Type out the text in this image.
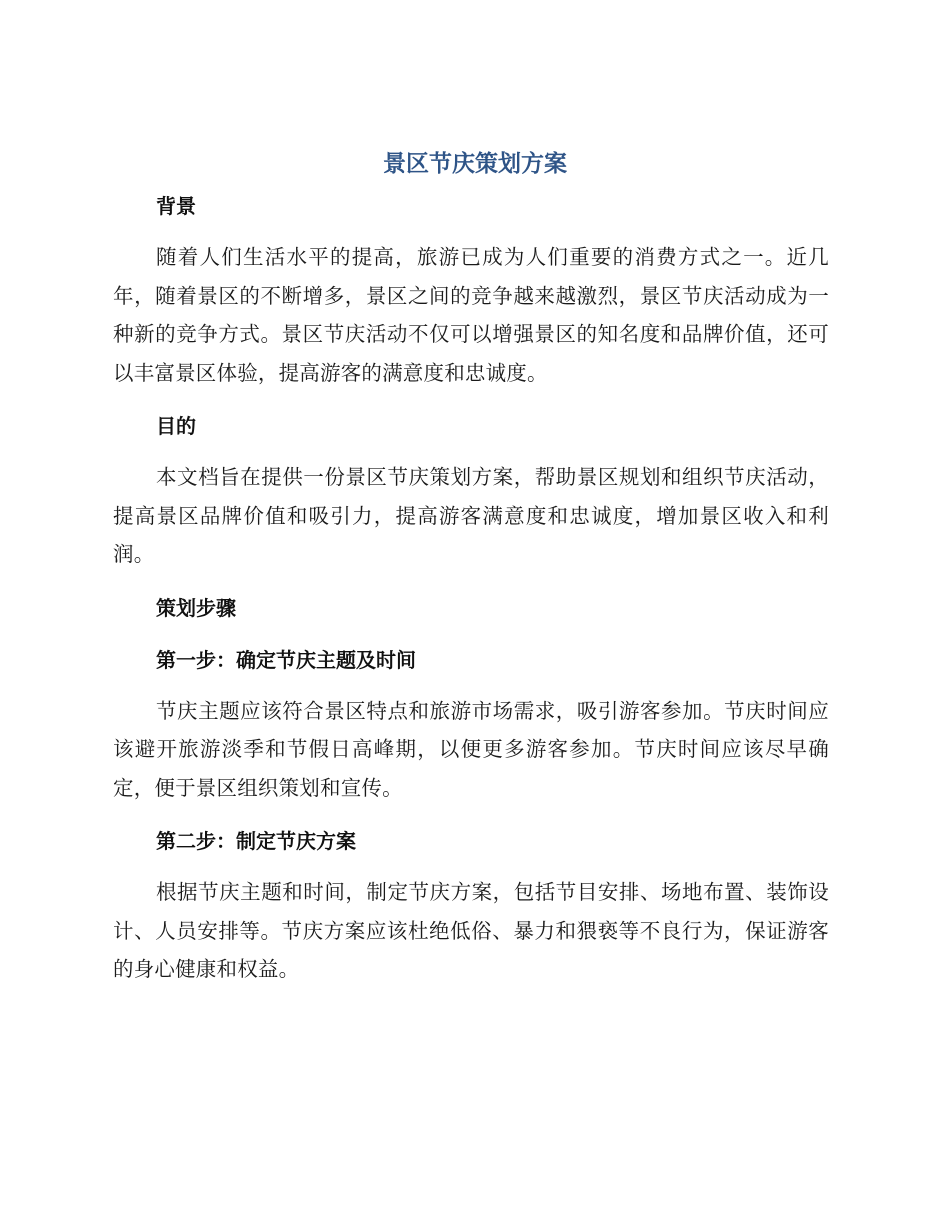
景区节庆策划方案
背景

随着人们生活水平的提高，旅游已成为人们重要的消费方式之一。近几年，随着景区的不断增多，景区之间的竞争越来越激烈，景区节庆活动成为一种新的竞争方式。景区节庆活动不仅可以增强景区的知名度和品牌价值，还可以丰富景区体验，提高游客的满意度和忠诚度。

目的

本文档旨在提供一份景区节庆策划方案，帮助景区规划和组织节庆活动，提高景区品牌价值和吸引力，提高游客满意度和忠诚度，增加景区收入和利润。

策划步骤
第一步：确定节庆主题及时间

节庆主题应该符合景区特点和旅游市场需求，吸引游客参加。节庆时间应该避开旅游淡季和节假日高峰期，以便更多游客参加。节庆时间应该尽早确定，便于景区组织策划和宣传。

第二步：制定节庆方案

根据节庆主题和时间，制定节庆方案，包括节目安排、场地布置、装饰设计、人员安排等。节庆方案应该杜绝低俗、暴力和猥亵等不良行为，保证游客的身心健康和权益。
